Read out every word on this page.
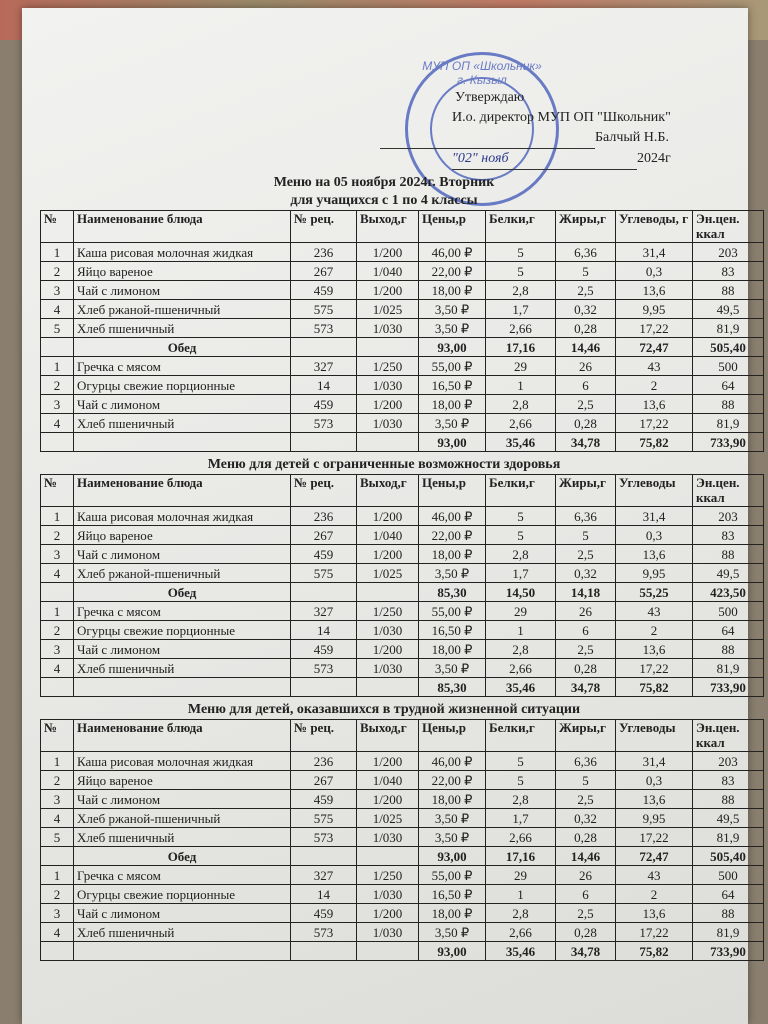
МУП ОП «Школьник» г. Кызыл
Утверждаю
И.о. директор МУП ОП "Школьник"
Балчый Н.Б.
"02" нояб	2024г
Меню на 05 ноября 2024г. Вторник
для учащихся с 1 по 4 классы
№	Наименование блюда	№ рец.	Выход,г	Цены,р	Белки,г	Жиры,г	Углеводы, г	Эн.цен. ккал
1	Каша рисовая молочная жидкая	236	1/200	46,00 ₽	5	6,36	31,4	203
2	Яйцо вареное	267	1/040	22,00 ₽	5	5	0,3	83
3	Чай с лимоном	459	1/200	18,00 ₽	2,8	2,5	13,6	88
4	Хлеб ржаной-пшеничный	575	1/025	3,50 ₽	1,7	0,32	9,95	49,5
5	Хлеб пшеничный	573	1/030	3,50 ₽	2,66	0,28	17,22	81,9
	Обед			93,00	17,16	14,46	72,47	505,40
1	Гречка с мясом	327	1/250	55,00 ₽	29	26	43	500
2	Огурцы свежие порционные	14	1/030	16,50 ₽	1	6	2	64
3	Чай с лимоном	459	1/200	18,00 ₽	2,8	2,5	13,6	88
4	Хлеб пшеничный	573	1/030	3,50 ₽	2,66	0,28	17,22	81,9
				93,00	35,46	34,78	75,82	733,90
Меню для детей с ограниченные возможности здоровья
№	Наименование блюда	№ рец.	Выход,г	Цены,р	Белки,г	Жиры,г	Углеводы	Эн.цен. ккал
1	Каша рисовая молочная жидкая	236	1/200	46,00 ₽	5	6,36	31,4	203
2	Яйцо вареное	267	1/040	22,00 ₽	5	5	0,3	83
3	Чай с лимоном	459	1/200	18,00 ₽	2,8	2,5	13,6	88
4	Хлеб ржаной-пшеничный	575	1/025	3,50 ₽	1,7	0,32	9,95	49,5
	Обед			85,30	14,50	14,18	55,25	423,50
1	Гречка с мясом	327	1/250	55,00 ₽	29	26	43	500
2	Огурцы свежие порционные	14	1/030	16,50 ₽	1	6	2	64
3	Чай с лимоном	459	1/200	18,00 ₽	2,8	2,5	13,6	88
4	Хлеб пшеничный	573	1/030	3,50 ₽	2,66	0,28	17,22	81,9
				85,30	35,46	34,78	75,82	733,90
Меню для детей, оказавшихся в трудной жизненной ситуации
№	Наименование блюда	№ рец.	Выход,г	Цены,р	Белки,г	Жиры,г	Углеводы	Эн.цен. ккал
1	Каша рисовая молочная жидкая	236	1/200	46,00 ₽	5	6,36	31,4	203
2	Яйцо вареное	267	1/040	22,00 ₽	5	5	0,3	83
3	Чай с лимоном	459	1/200	18,00 ₽	2,8	2,5	13,6	88
4	Хлеб ржаной-пшеничный	575	1/025	3,50 ₽	1,7	0,32	9,95	49,5
5	Хлеб пшеничный	573	1/030	3,50 ₽	2,66	0,28	17,22	81,9
	Обед			93,00	17,16	14,46	72,47	505,40
1	Гречка с мясом	327	1/250	55,00 ₽	29	26	43	500
2	Огурцы свежие порционные	14	1/030	16,50 ₽	1	6	2	64
3	Чай с лимоном	459	1/200	18,00 ₽	2,8	2,5	13,6	88
4	Хлеб пшеничный	573	1/030	3,50 ₽	2,66	0,28	17,22	81,9
				93,00	35,46	34,78	75,82	733,90
